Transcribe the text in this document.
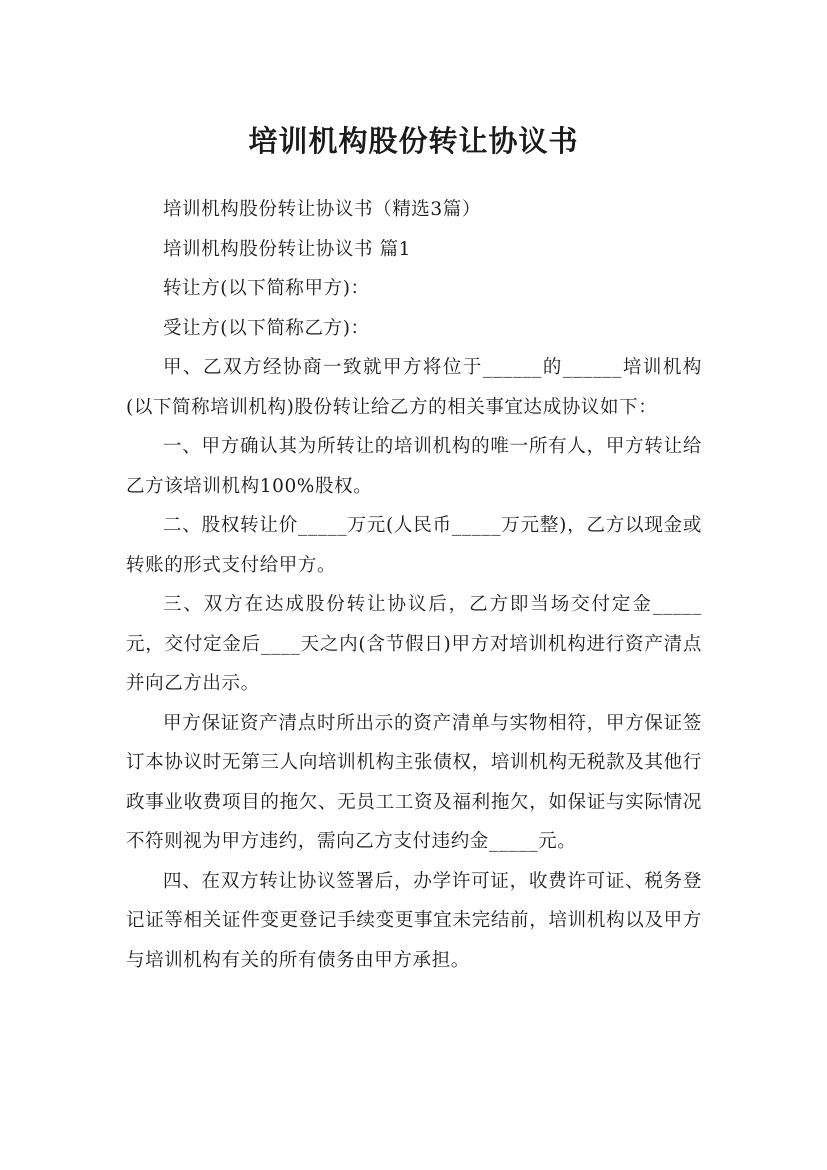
培训机构股份转让协议书

培训机构股份转让协议书（精选3篇）

培训机构股份转让协议书 篇1

转让方(以下简称甲方)：

受让方(以下简称乙方)：

甲、乙双方经协商一致就甲方将位于______的______培训机构(以下简称培训机构)股份转让给乙方的相关事宜达成协议如下：

一、甲方确认其为所转让的培训机构的唯一所有人，甲方转让给乙方该培训机构100%股权。

二、股权转让价_____万元(人民币_____万元整)，乙方以现金或转账的形式支付给甲方。

三、双方在达成股份转让协议后，乙方即当场交付定金_____元，交付定金后____天之内(含节假日)甲方对培训机构进行资产清点并向乙方出示。

甲方保证资产清点时所出示的资产清单与实物相符，甲方保证签订本协议时无第三人向培训机构主张债权，培训机构无税款及其他行政事业收费项目的拖欠、无员工工资及福利拖欠，如保证与实际情况不符则视为甲方违约，需向乙方支付违约金_____元。

四、在双方转让协议签署后，办学许可证，收费许可证、税务登记证等相关证件变更登记手续变更事宜未完结前，培训机构以及甲方与培训机构有关的所有债务由甲方承担。
